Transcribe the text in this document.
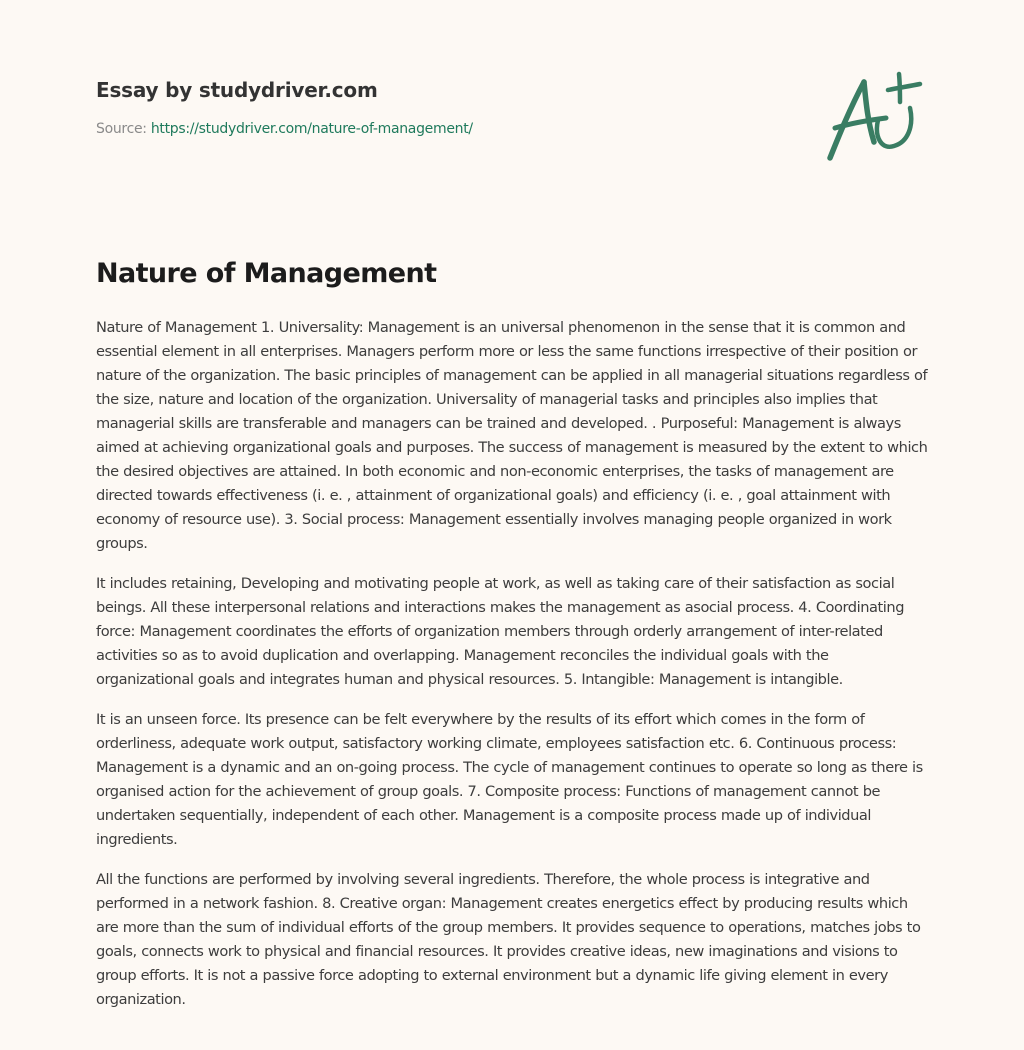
Essay by studydriver.com
Source: https://studydriver.com/nature-of-management/
Nature of Management

Nature of Management 1. Universality: Management is an universal phenomenon in the sense that it is common and essential element in all enterprises. Managers perform more or less the same functions irrespective of their position or nature of the organization. The basic principles of management can be applied in all managerial situations regardless of the size, nature and location of the organization. Universality of managerial tasks and principles also implies that managerial skills are transferable and managers can be trained and developed. . Purposeful: Management is always aimed at achieving organizational goals and purposes. The success of management is measured by the extent to which the desired objectives are attained. In both economic and non-economic enterprises, the tasks of management are directed towards effectiveness (i. e. , attainment of organizational goals) and efficiency (i. e. , goal attainment with economy of resource use). 3. Social process: Management essentially involves managing people organized in work groups.

It includes retaining, Developing and motivating people at work, as well as taking care of their satisfaction as social beings. All these interpersonal relations and interactions makes the management as asocial process. 4. Coordinating force: Management coordinates the efforts of organization members through orderly arrangement of inter-related activities so as to avoid duplication and overlapping. Management reconciles the individual goals with the organizational goals and integrates human and physical resources. 5. Intangible: Management is intangible.

It is an unseen force. Its presence can be felt everywhere by the results of its effort which comes in the form of orderliness, adequate work output, satisfactory working climate, employees satisfaction etc. 6. Continuous process: Management is a dynamic and an on-going process. The cycle of management continues to operate so long as there is organised action for the achievement of group goals. 7. Composite process: Functions of management cannot be undertaken sequentially, independent of each other. Management is a composite process made up of individual ingredients.

All the functions are performed by involving several ingredients. Therefore, the whole process is integrative and performed in a network fashion. 8. Creative organ: Management creates energetics effect by producing results which are more than the sum of individual efforts of the group members. It provides sequence to operations, matches jobs to goals, connects work to physical and financial resources. It provides creative ideas, new imaginations and visions to group efforts. It is not a passive force adopting to external environment but a dynamic life giving element in every organization.
